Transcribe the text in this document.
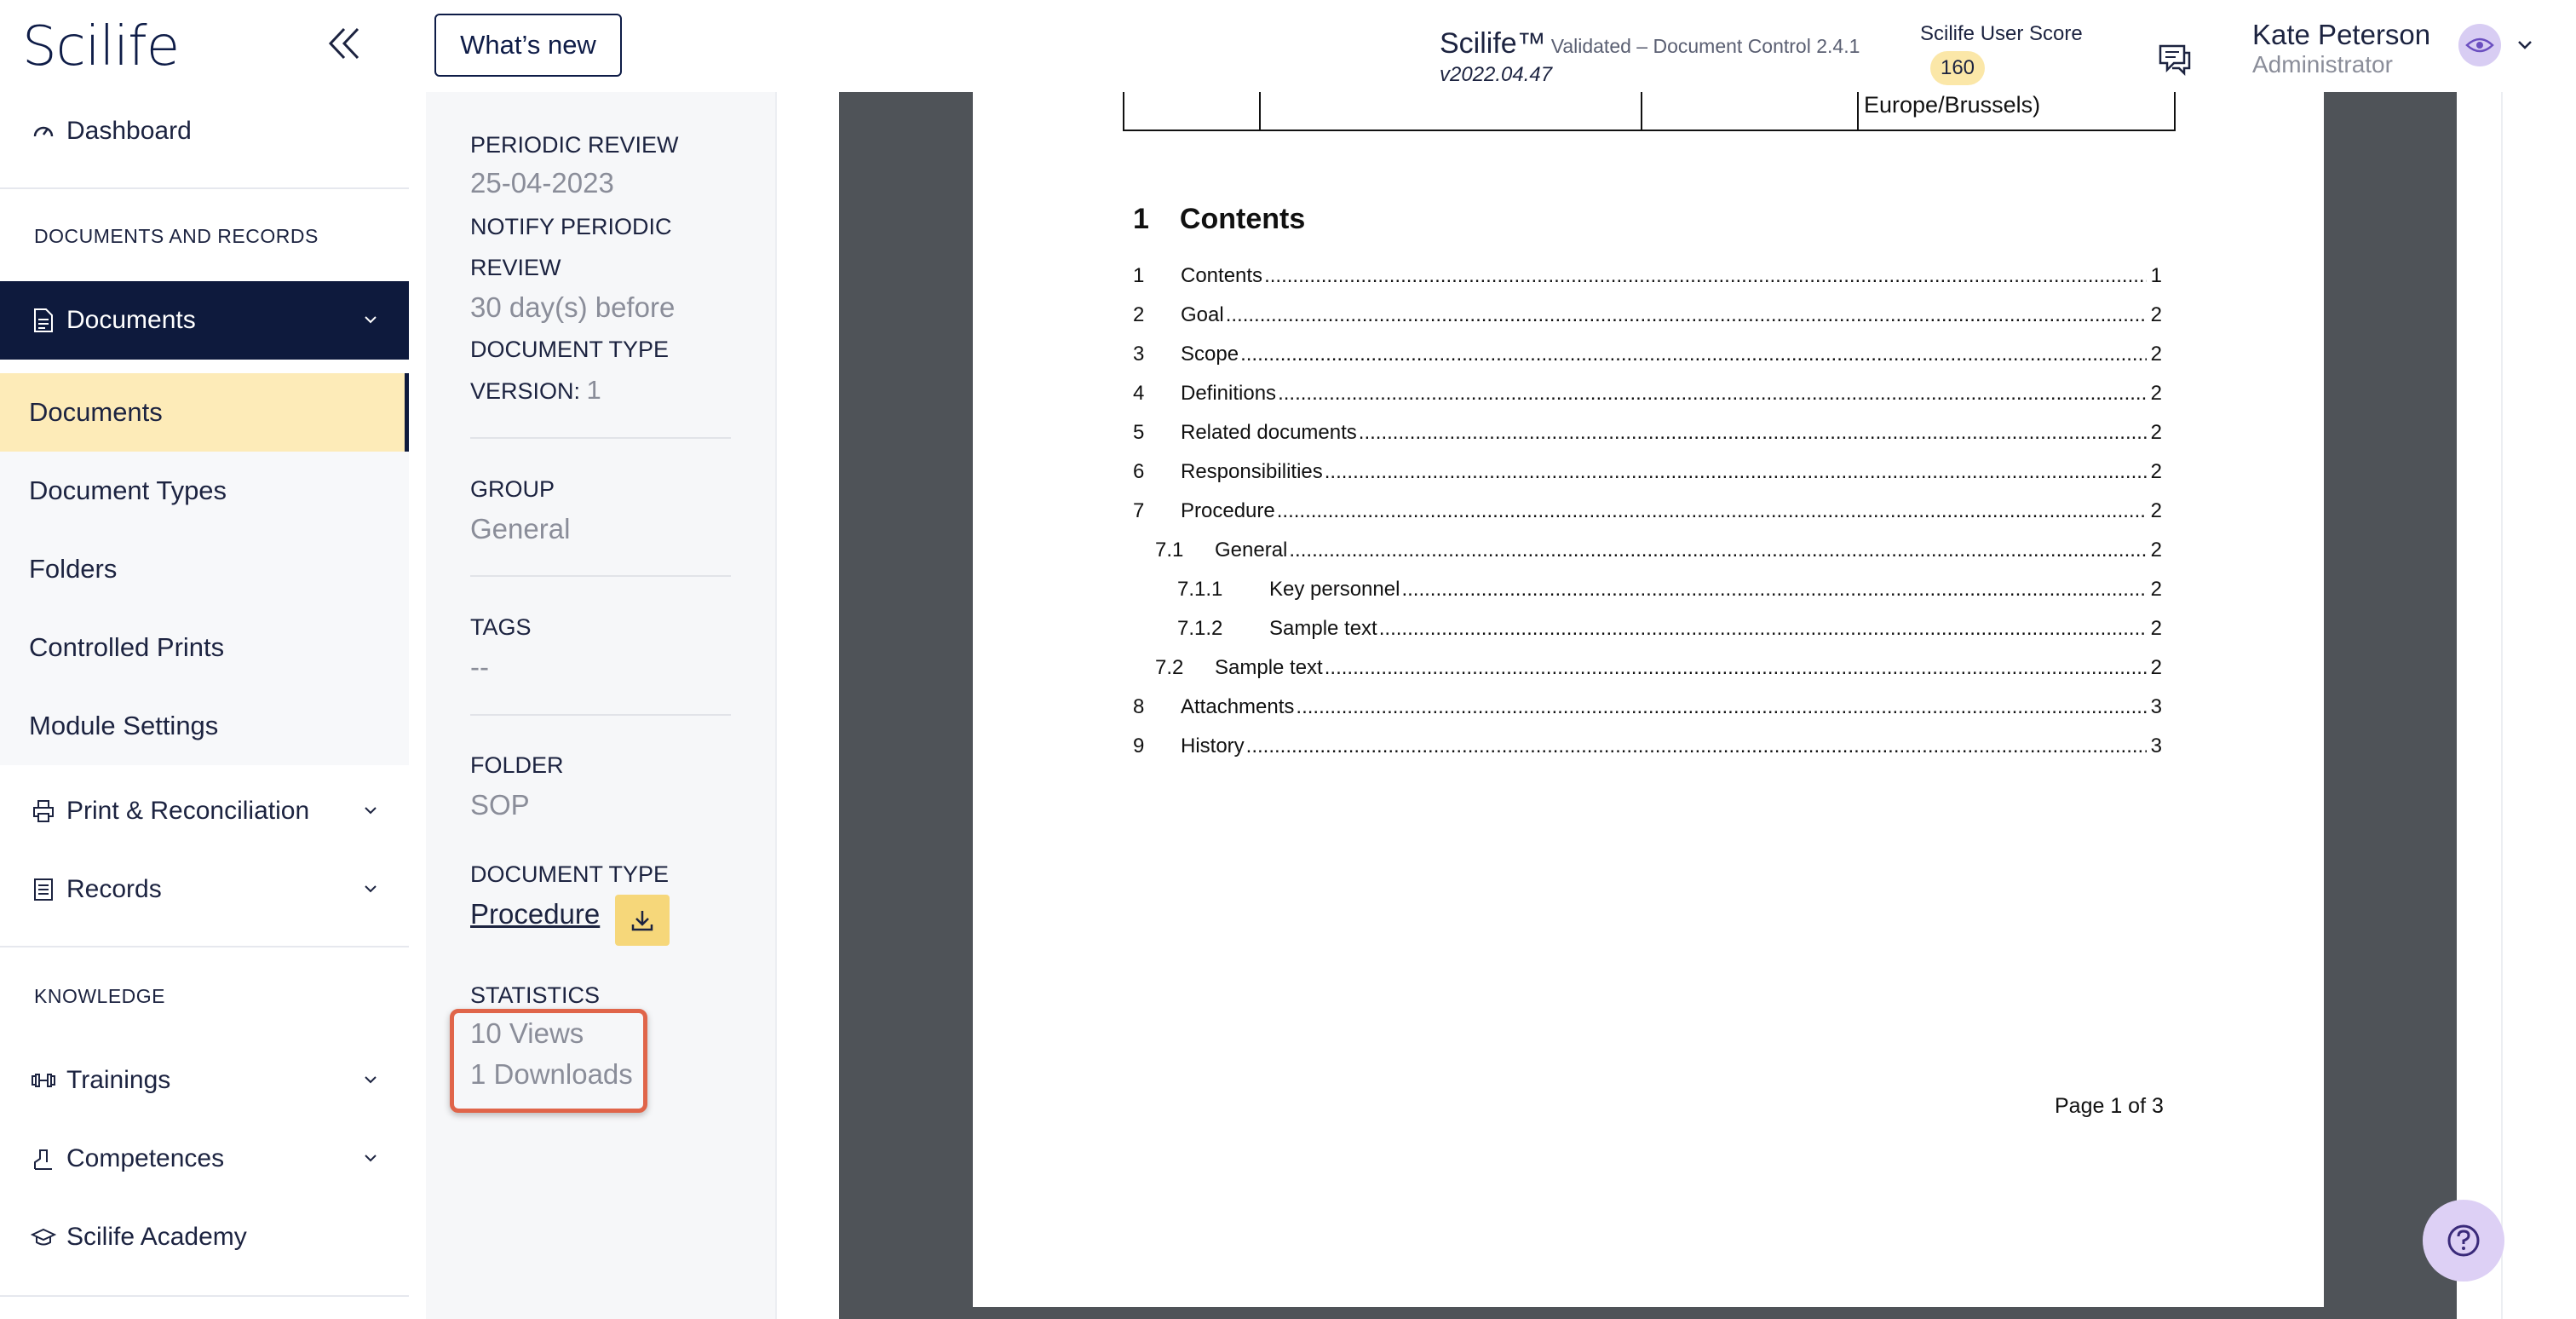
Scilife	What’s new	Scilife™ Validated – Document Control 2.4.1
v2022.04.47
Scilife User Score
160
Kate Peterson
Administrator
Dashboard
DOCUMENTS AND RECORDS
Documents
Documents
Document Types
Folders
Controlled Prints
Module Settings
Print & Reconciliation
Records
KNOWLEDGE
Trainings
Competences
Scilife Academy
PERIODIC REVIEW
25-04-2023
NOTIFY PERIODIC
REVIEW
30 day(s) before
DOCUMENT TYPE
VERSION: 1
GROUP
General
TAGS
--
FOLDER
SOP
DOCUMENT TYPE
Procedure
STATISTICS
10 Views
1 Downloads
Europe/Brussels)
1 Contents
1	Contents .....	1
2	Goal .....	2
3	Scope .....	2
4	Definitions .....	2
5	Related documents .....	2
6	Responsibilities .....	2
7	Procedure .....	2
7.1	General .....	2
7.1.1	Key personnel .....	2
7.1.2	Sample text .....	2
7.2	Sample text .....	2
8	Attachments .....	3
9	History .....	3
Page 1 of 3
